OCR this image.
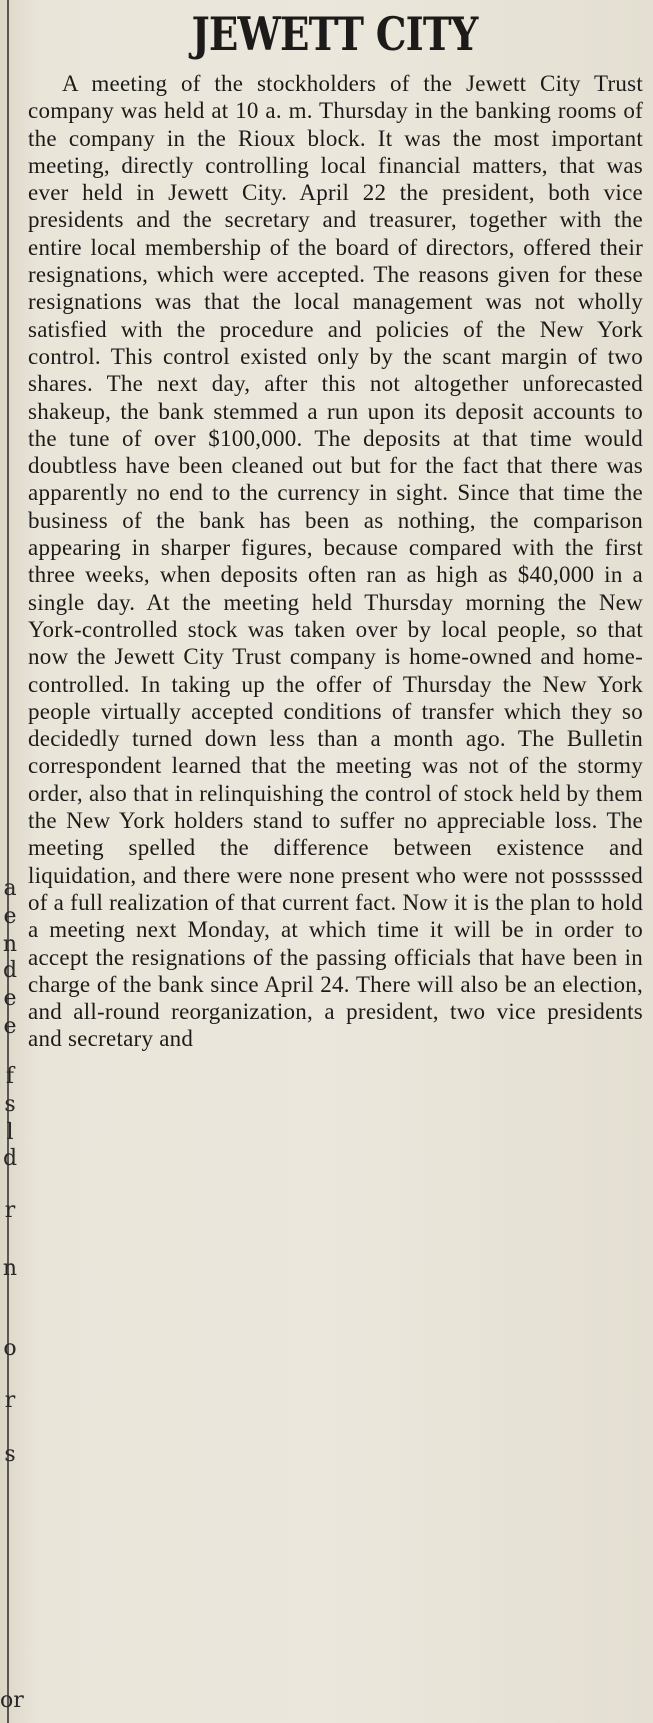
a
e
n
d
e
e
f
s
l
d
r
n
o
r
s
or
JEWETT CITY

A meeting of the stockholders of the Jewett City Trust company was held at 10 a. m. Thursday in the banking rooms of the company in the Rioux block. It was the most important meeting, directly controlling local financial matters, that was ever held in Jewett City. April 22 the president, both vice presidents and the secretary and treasurer, together with the entire local membership of the board of directors, offered their resignations, which were accepted. The reasons given for these resignations was that the local management was not wholly satisfied with the procedure and policies of the New York control. This control existed only by the scant margin of two shares. The next day, after this not altogether unforecasted shakeup, the bank stemmed a run upon its deposit accounts to the tune of over $100,000. The deposits at that time would doubtless have been cleaned out but for the fact that there was apparently no end to the currency in sight. Since that time the business of the bank has been as nothing, the comparison appearing in sharper figures, because compared with the first three weeks, when deposits often ran as high as $40,000 in a single day. At the meeting held Thursday morning the New York-controlled stock was taken over by local people, so that now the Jewett City Trust company is home-owned and home-controlled. In taking up the offer of Thursday the New York people virtually accepted conditions of transfer which they so decidedly turned down less than a month ago. The Bulletin correspondent learned that the meeting was not of the stormy order, also that in relinquishing the control of stock held by them the New York holders stand to suffer no appreciable loss. The meeting spelled the difference between existence and liquidation, and there were none present who were not posssssed of a full realization of that current fact. Now it is the plan to hold a meeting next Monday, at which time it will be in order to accept the resignations of the passing officials that have been in charge of the bank since April 24. There will also be an election, and all-round reorganization, a president, two vice presidents and secretary and
